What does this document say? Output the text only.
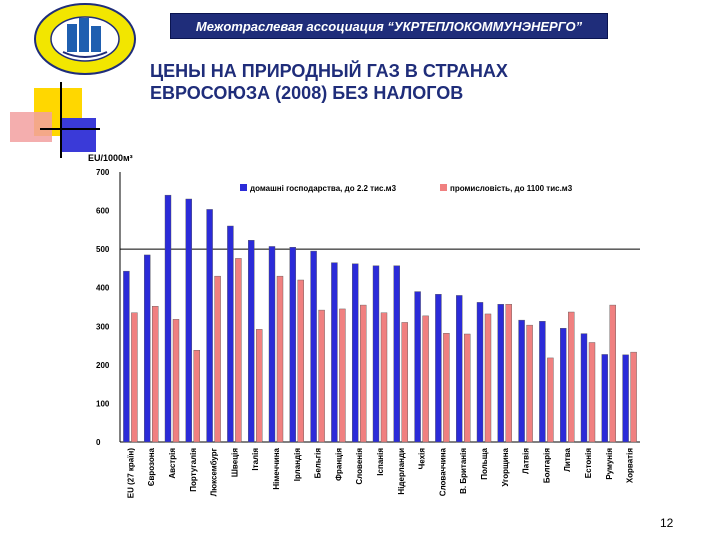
Межотраслевая ассоциация “УКРТЕПЛОКОММУНЭНЕРГО”
ЦЕНЫ НА ПРИРОДНЫЙ ГАЗ В СТРАНАХ
ЕВРОСОЮЗА (2008) БЕЗ НАЛОГОВ
EU/1000м³
0
100
200
300
400
500
600
700
EU (27 країн) Єврозона Австрія Португалія Люксембург Швеція Італія Німеччина Ірландія Бельгія Франція Словенія Іспанія Нідерланди Чехія Словаччина В. Британія Польща Угорщина Латвія Болгарія Литва Естонія Румунія Хорватія
домашні господарства, до 2.2 тис.м3	промисловість, до 1100 тис.м3
12
